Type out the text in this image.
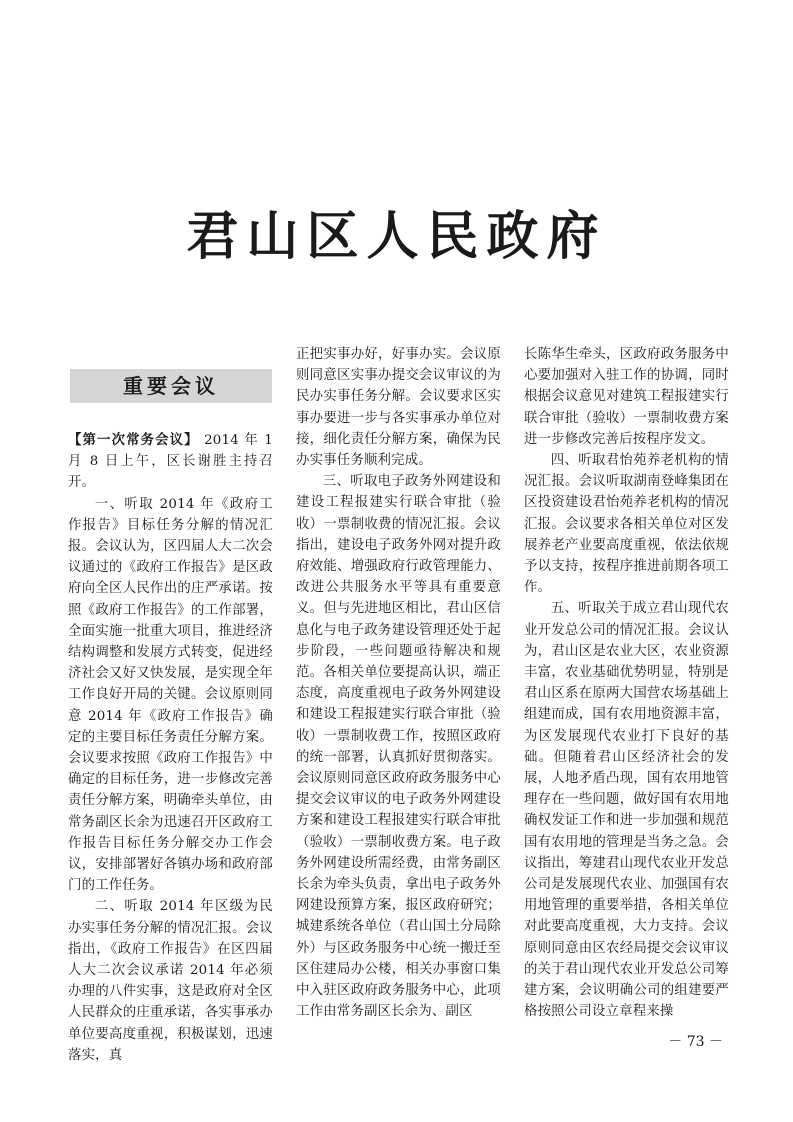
君山区人民政府
重要会议

【第一次常务会议】 2014 年 1 月 8 日上午，区长谢胜主持召开。

一、听取 2014 年《政府工作报告》目标任务分解的情况汇报。会议认为，区四届人大二次会议通过的《政府工作报告》是区政府向全区人民作出的庄严承诺。按照《政府工作报告》的工作部署，全面实施一批重大项目，推进经济结构调整和发展方式转变，促进经济社会又好又快发展，是实现全年工作良好开局的关键。会议原则同意 2014 年《政府工作报告》确定的主要目标任务责任分解方案。会议要求按照《政府工作报告》中确定的目标任务，进一步修改完善责任分解方案，明确牵头单位，由常务副区长余为迅速召开区政府工作报告目标任务分解交办工作会议，安排部署好各镇办场和政府部门的工作任务。

二、听取 2014 年区级为民办实事任务分解的情况汇报。会议指出，《政府工作报告》在区四届人大二次会议承诺 2014 年必须办理的八件实事，这是政府对全区人民群众的庄重承诺，各实事承办单位要高度重视，积极谋划，迅速落实，真

正把实事办好，好事办实。会议原则同意区实事办提交会议审议的为民办实事任务分解。会议要求区实事办要进一步与各实事承办单位对接，细化责任分解方案，确保为民办实事任务顺利完成。

三、听取电子政务外网建设和建设工程报建实行联合审批（验收）一票制收费的情况汇报。会议指出，建设电子政务外网对提升政府效能、增强政府行政管理能力、改进公共服务水平等具有重要意义。但与先进地区相比，君山区信息化与电子政务建设管理还处于起步阶段，一些问题亟待解决和规范。各相关单位要提高认识，端正态度，高度重视电子政务外网建设和建设工程报建实行联合审批（验收）一票制收费工作，按照区政府的统一部署，认真抓好贯彻落实。会议原则同意区政府政务服务中心提交会议审议的电子政务外网建设方案和建设工程报建实行联合审批（验收）一票制收费方案。电子政务外网建设所需经费，由常务副区长余为牵头负责，拿出电子政务外网建设预算方案，报区政府研究；城建系统各单位（君山国土分局除外）与区政务服务中心统一搬迁至区住建局办公楼，相关办事窗口集中入驻区政府政务服务中心，此项工作由常务副区长余为、副区

长陈华生牵头，区政府政务服务中心要加强对入驻工作的协调，同时根据会议意见对建筑工程报建实行联合审批（验收）一票制收费方案进一步修改完善后按程序发文。

四、听取君怡苑养老机构的情况汇报。会议听取湖南登峰集团在区投资建设君怡苑养老机构的情况汇报。会议要求各相关单位对区发展养老产业要高度重视，依法依规予以支持，按程序推进前期各项工作。

五、听取关于成立君山现代农业开发总公司的情况汇报。会议认为，君山区是农业大区，农业资源丰富，农业基础优势明显，特别是君山区系在原两大国营农场基础上组建而成，国有农用地资源丰富，为区发展现代农业打下良好的基础。但随着君山区经济社会的发展，人地矛盾凸现，国有农用地管理存在一些问题，做好国有农用地确权发证工作和进一步加强和规范国有农用地的管理是当务之急。会议指出，筹建君山现代农业开发总公司是发展现代农业、加强国有农用地管理的重要举措，各相关单位对此要高度重视，大力支持。会议原则同意由区农经局提交会议审议的关于君山现代农业开发总公司筹建方案，会议明确公司的组建要严格按照公司设立章程来操

－ 73 －
